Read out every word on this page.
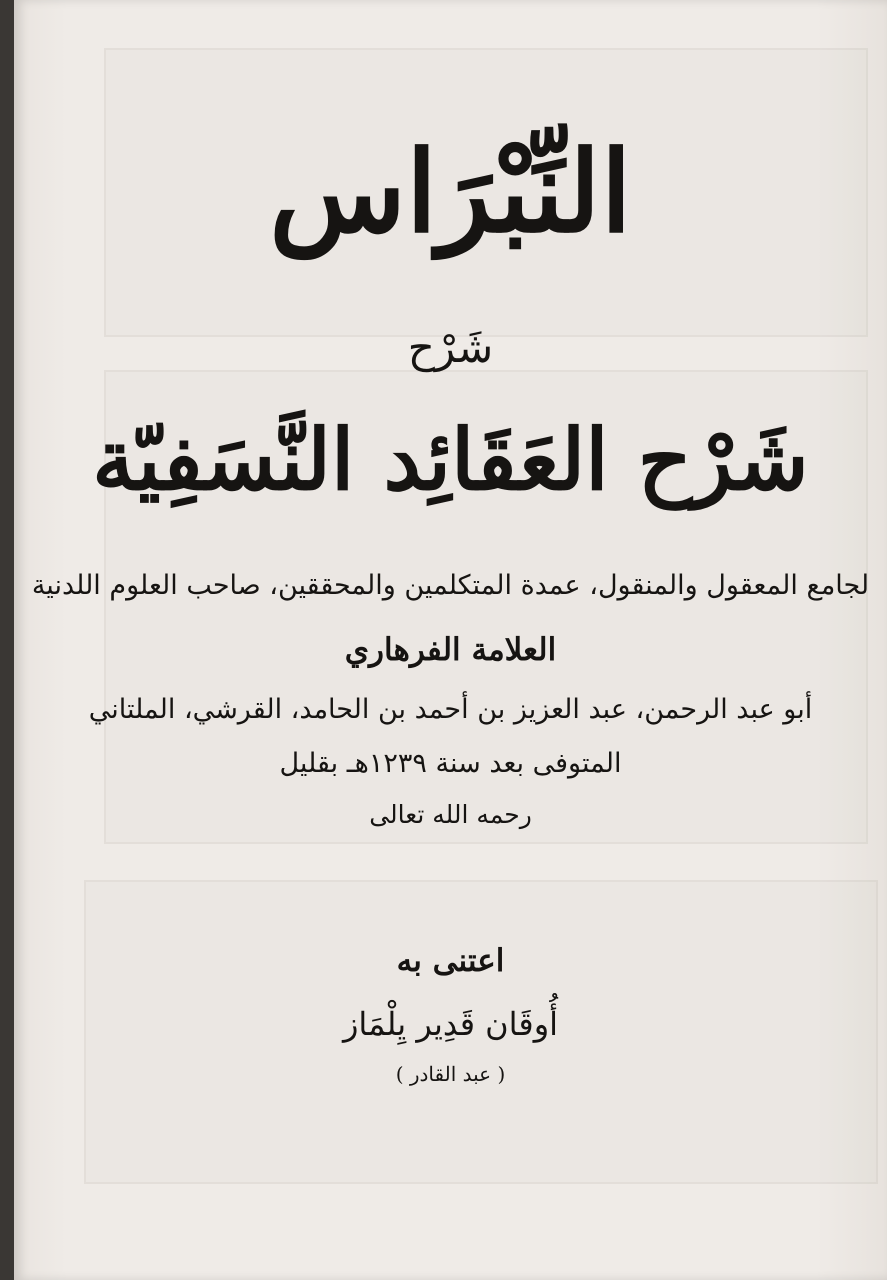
النِّبْرَاس

شَرْح

شَرْح العَقَائِد النَّسَفِيّة

لجامع المعقول والمنقول، عمدة المتكلمين والمحققين، صاحب العلوم اللدنية

العلامة الفرهاري

أبو عبد الرحمن، عبد العزيز بن أحمد بن الحامد، القرشي، الملتاني

المتوفى بعد سنة ١٢٣٩هـ بقليل

رحمه الله تعالى

اعتنى به

أُوقَان قَدِير يِلْمَاز

( عبد القادر )
